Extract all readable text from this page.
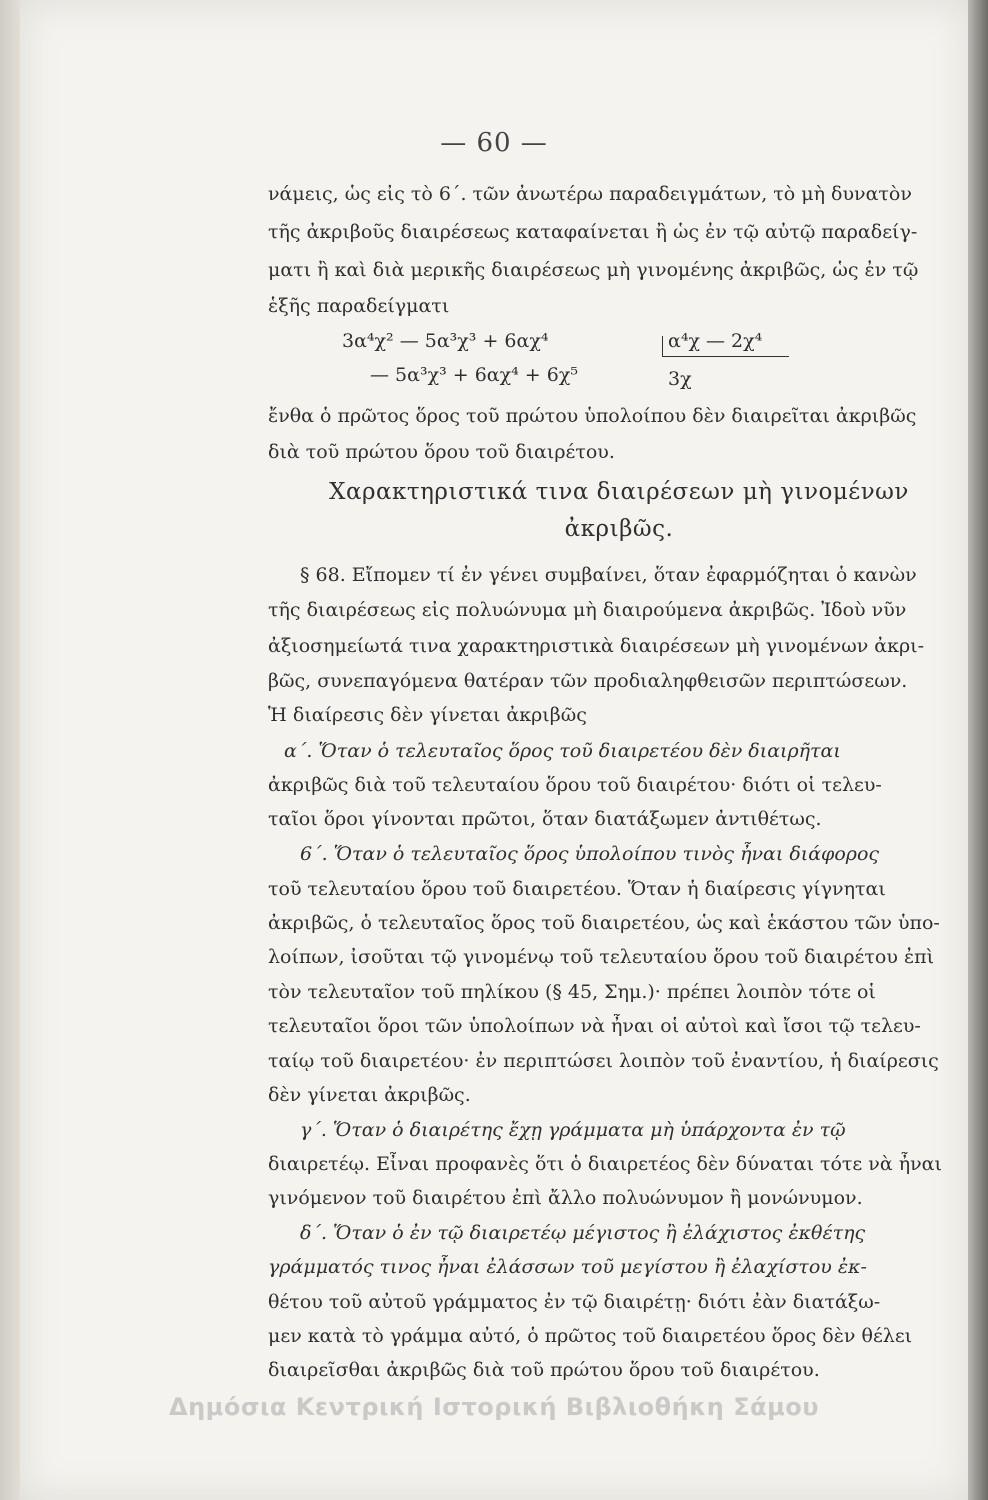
— 60 —
νάμεις, ὡς εἰς τὸ 6΄. τῶν ἀνωτέρω παραδειγμάτων, τὸ μὴ δυνατὸν
τῆς ἀκριβοῦς διαιρέσεως καταφαίνεται ἢ ὡς ἐν τῷ αὐτῷ παραδείγ-
ματι ἢ καὶ διὰ μερικῆς διαιρέσεως μὴ γινομένης ἀκριβῶς, ὡς ἐν τῷ
ἑξῆς παραδείγματι
3α⁴χ² — 5α³χ³ + 6αχ⁴
— 5α³χ³ + 6αχ⁴ + 6χ⁵
α⁴χ — 2χ⁴
3χ
ἔνθα ὁ πρῶτος ὅρος τοῦ πρώτου ὑπολοίπου δὲν διαιρεῖται ἀκριβῶς
διὰ τοῦ πρώτου ὅρου τοῦ διαιρέτου.
Χαρακτηριστικά τινα διαιρέσεων μὴ γινομένων
ἀκριβῶς.
§ 68. Εἴπομεν τί ἐν γένει συμβαίνει, ὅταν ἐφαρμόζηται ὁ κανὼν
τῆς διαιρέσεως εἰς πολυώνυμα μὴ διαιρούμενα ἀκριβῶς. Ἰδοὺ νῦν
ἀξιοσημείωτά τινα χαρακτηριστικὰ διαιρέσεων μὴ γινομένων ἀκρι-
βῶς, συνεπαγόμενα θατέραν τῶν προδιαληφθεισῶν περιπτώσεων.
Ἡ διαίρεσις δὲν γίνεται ἀκριβῶς
α΄. Ὅταν ὁ τελευταῖος ὅρος τοῦ διαιρετέου δὲν διαιρῆται
ἀκριβῶς διὰ τοῦ τελευταίου ὅρου τοῦ διαιρέτου· διότι οἱ τελευ-
ταῖοι ὅροι γίνονται πρῶτοι, ὅταν διατάξωμεν ἀντιθέτως.
6΄. Ὅταν ὁ τελευταῖος ὅρος ὑπολοίπου τινὸς ἦναι διάφορος
τοῦ τελευταίου ὅρου τοῦ διαιρετέου. Ὅταν ἡ διαίρεσις γίγνηται
ἀκριβῶς, ὁ τελευταῖος ὅρος τοῦ διαιρετέου, ὡς καὶ ἑκάστου τῶν ὑπο-
λοίπων, ἰσοῦται τῷ γινομένῳ τοῦ τελευταίου ὅρου τοῦ διαιρέτου ἐπὶ
τὸν τελευταῖον τοῦ πηλίκου (§ 45, Σημ.)· πρέπει λοιπὸν τότε οἱ
τελευταῖοι ὅροι τῶν ὑπολοίπων νὰ ἦναι οἱ αὐτοὶ καὶ ἴσοι τῷ τελευ-
ταίῳ τοῦ διαιρετέου· ἐν περιπτώσει λοιπὸν τοῦ ἐναντίου, ἡ διαίρεσις
δὲν γίνεται ἀκριβῶς.
γ΄. Ὅταν ὁ διαιρέτης ἔχῃ γράμματα μὴ ὑπάρχοντα ἐν τῷ
διαιρετέῳ. Εἶναι προφανὲς ὅτι ὁ διαιρετέος δὲν δύναται τότε νὰ ἦναι
γινόμενον τοῦ διαιρέτου ἐπὶ ἄλλο πολυώνυμον ἢ μονώνυμον.
δ΄. Ὅταν ὁ ἐν τῷ διαιρετέῳ μέγιστος ἢ ἐλάχιστος ἐκθέτης
γράμματός τινος ἦναι ἐλάσσων τοῦ μεγίστου ἢ ἐλαχίστου ἐκ-
θέτου τοῦ αὐτοῦ γράμματος ἐν τῷ διαιρέτῃ· διότι ἐὰν διατάξω-
μεν κατὰ τὸ γράμμα αὐτό, ὁ πρῶτος τοῦ διαιρετέου ὅρος δὲν θέλει
διαιρεῖσθαι ἀκριβῶς διὰ τοῦ πρώτου ὅρου τοῦ διαιρέτου.
Δημόσια Κεντρική Ιστορική Βιβλιοθήκη Σάμου
